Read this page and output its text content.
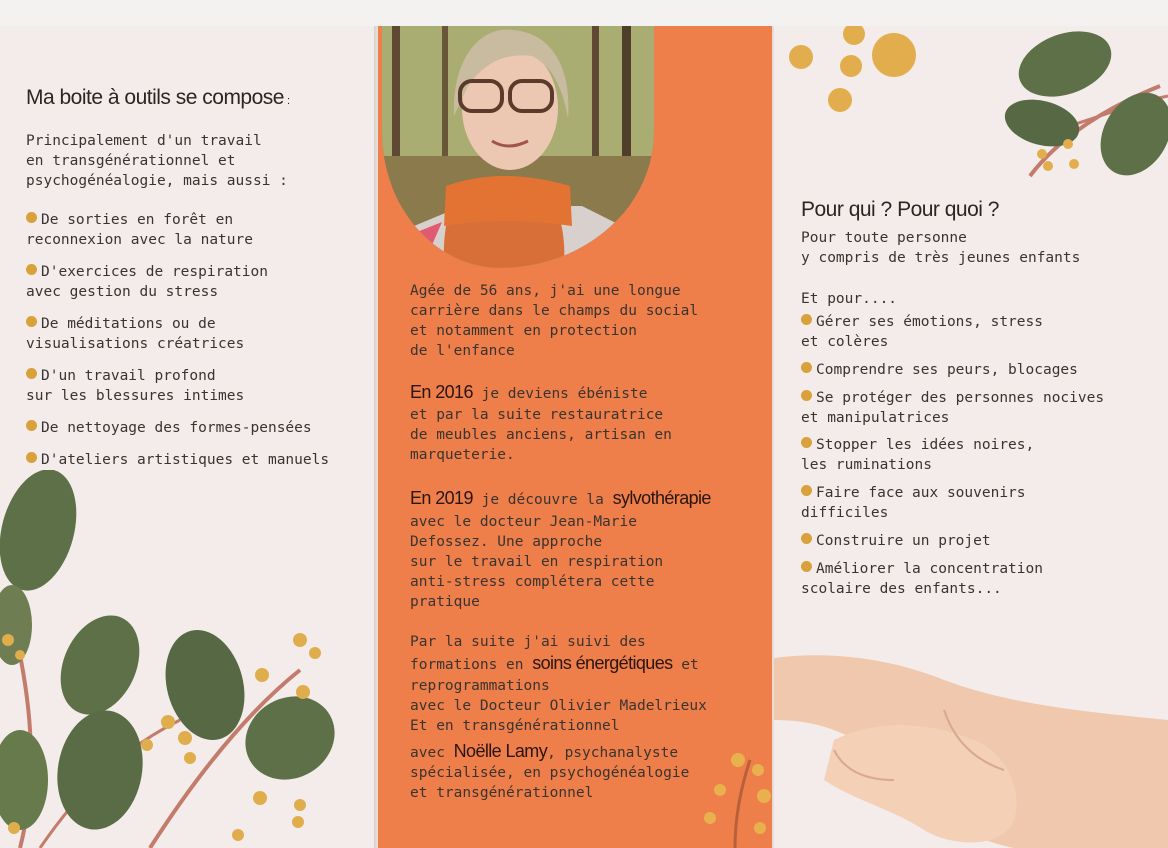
Ma boite à outils se compose :
Principalement d'un travail
en transgénérationnel et
psychogénéalogie, mais aussi :
De sorties en forêt en
reconnexion avec la nature
D'exercices de respiration
avec gestion du stress
De méditations ou de
visualisations créatrices
D'un travail profond
sur les blessures intimes
De nettoyage des formes-pensées
D'ateliers artistiques et manuels
Agée de 56 ans, j'ai une longue
carrière dans le champs du social
et notamment en protection
de l'enfance
En 2016 je deviens ébéniste
et par la suite restauratrice
de meubles anciens, artisan en
marqueterie.
En 2019 je découvre la sylvothérapie
avec le docteur Jean-Marie
Defossez. Une approche
sur le travail en respiration
anti-stress complétera cette
pratique
Par la suite j'ai suivi des
formations en soins énergétiques et
reprogrammations
avec le Docteur Olivier Madelrieux
Et en transgénérationnel
avec Noëlle Lamy, psychanalyste
spécialisée, en psychogénéalogie
et transgénérationnel
Pour qui ? Pour quoi ?
Pour toute personne
y compris de très jeunes enfants
Et pour....
Gérer ses émotions, stress
et colères
Comprendre ses peurs, blocages
Se protéger des personnes nocives
et manipulatrices
Stopper les idées noires,
les ruminations
Faire face aux souvenirs
difficiles
Construire un projet
Améliorer la concentration
scolaire des enfants...
